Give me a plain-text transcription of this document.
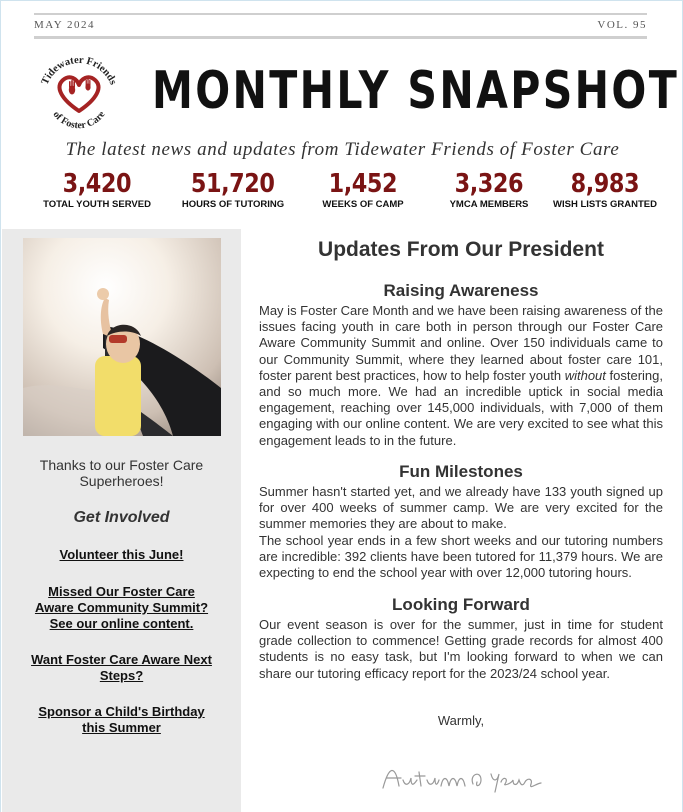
MAY 2024	VOL. 95
Tidewater Friends
of Foster Care MONTHLY SNAPSHOT
The latest news and updates from Tidewater Friends of Foster Care
3,420
TOTAL YOUTH SERVED
51,720
HOURS OF TUTORING
1,452
WEEKS OF CAMP
3,326
YMCA MEMBERS
8,983
WISH LISTS GRANTED
Thanks to our Foster Care
Superheroes!
Get Involved
Volunteer this June!
Missed Our Foster Care
Aware Community Summit?
See our online content.
Want Foster Care Aware Next
Steps?
Sponsor a Child's Birthday
this Summer
Updates From Our President
Raising Awareness

May is Foster Care Month and we have been raising awareness of the issues facing youth in care both in person through our Foster Care Aware Community Summit and online. Over 150 individuals came to our Community Summit, where they learned about foster care 101, foster parent best practices, how to help foster youth without fostering, and so much more. We had an incredible uptick in social media engagement, reaching over 145,000 individuals, with 7,000 of them engaging with our online content. We are very excited to see what this engagement leads to in the future.

Fun Milestones

Summer hasn't started yet, and we already have 133 youth signed up for over 400 weeks of summer camp. We are very excited for the summer memories they are about to make.

The school year ends in a few short weeks and our tutoring numbers are incredible: 392 clients have been tutored for 11,379 hours. We are expecting to end the school year with over 12,000 tutoring hours.

Looking Forward

Our event season is over for the summer, just in time for student grade collection to commence! Getting grade records for almost 400 students is no easy task, but I'm looking forward to when we can share our tutoring efficacy report for the 2023/24 school year.

Warmly,
